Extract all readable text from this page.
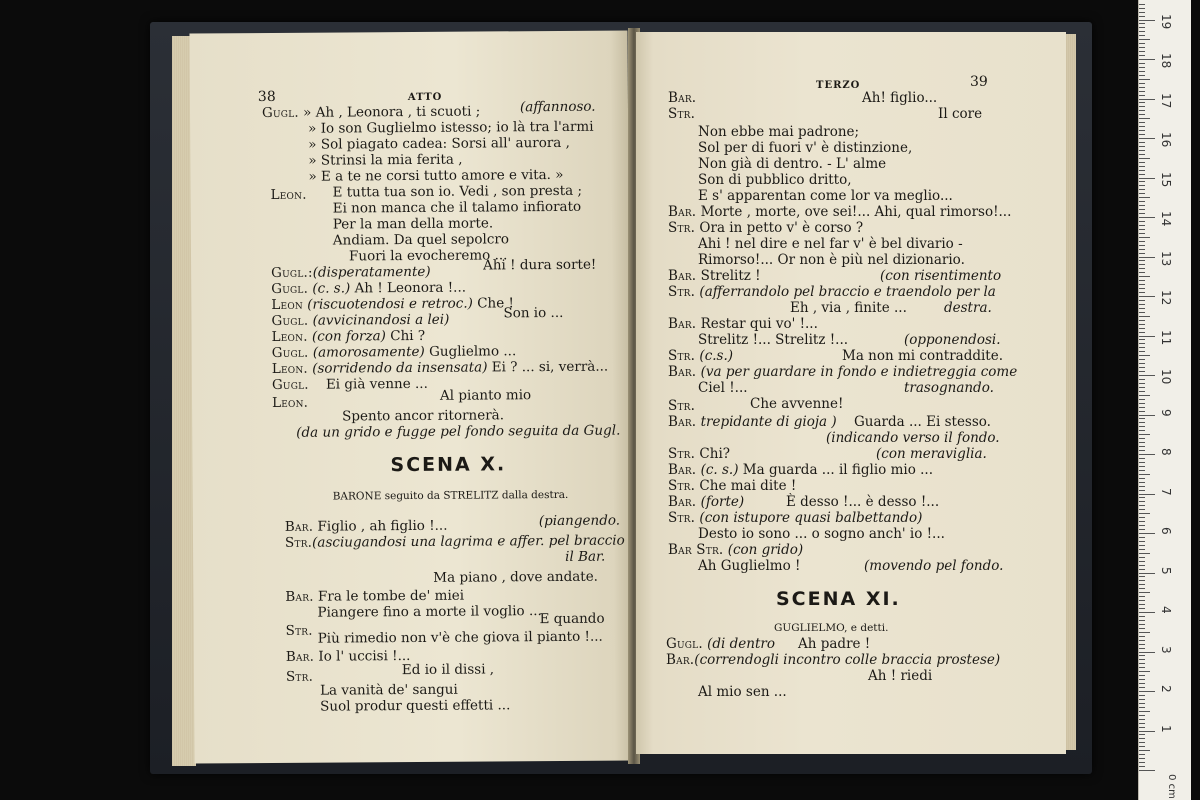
38	ATTO
Gugl. » Ah , Leonora , ti scuoti ;	(affannoso.
» Io son Guglielmo istesso; io là tra l'armi
» Sol piagato cadea: Sorsi all' aurora ,
» Strinsi la mia ferita ,
» E a te ne corsi tutto amore e vita. »
Leon. E tutta tua son io. Vedi , son presta ;
Ei non manca che il talamo infiorato
Per la man della morte.
Andiam. Da quel sepolcro
Fuori la evocheremo ...
Gugl.:(disperatamente)	Ahi ! dura sorte!
Gugl. (c. s.) Ah ! Leonora !...
Leon (riscuotendosi e retroc.) Che !
Gugl. (avvicinandosi a lei)	Son io ...
Leon. (con forza) Chi ?
Gugl. (amorosamente) Guglielmo ...
Leon. (sorridendo da insensata) Ei ? ... si, verrà...
Gugl. Ei già venne ...
Leon.	Al pianto mio
Spento ancor ritornerà.
(da un grido e fugge pel fondo seguita da Gugl.
SCENA X.
BARONE seguito da STRELITZ dalla destra.
Bar. Figlio , ah figlio !...	(piangendo.
Str.(asciugandosi una lagrima e affer. pel braccio
il Bar.
Ma piano , dove andate.
Bar. Fra le tombe de' miei
Piangere fino a morte il voglio ...
Str.
E quando
Più rimedio non v'è che giova il pianto !...
Bar. Io l' uccisi !...
Str.	Ed io il dissi ,
La vanità de' sangui
Suol produr questi effetti ...
TERZO	39
Bar.	Ah! figlio...
Str.	Il core
Non ebbe mai padrone;
Sol per di fuori v' è distinzione,
Non già di dentro. - L' alme
Son di pubblico dritto,
E s' apparentan come lor va meglio...
Bar. Morte , morte, ove sei!... Ahi, qual rimorso!...
Str. Ora in petto v' è corso ?
Ahi ! nel dire e nel far v' è bel divario -
Rimorso!... Or non è più nel dizionario.
Bar. Strelitz !	(con risentimento
Str. (afferrandolo pel braccio e traendolo per la
Eh , via , finite ...	destra.
Bar. Restar qui vo' !...
Strelitz !... Strelitz !...	(opponendosi.
Str. (c.s.)	Ma non mi contraddite.
Bar. (va per guardare in fondo e indietreggia come
Ciel !...	trasognando.
Str.	Che avvenne!
Bar. trepidante di gioja ) Guarda ... Ei stesso.
(indicando verso il fondo.
Str. Chi?	(con meraviglia.
Bar. (c. s.) Ma guarda ... il figlio mio ...
Str. Che mai dite !
Bar. (forte)	È desso !... è desso !...
Str. (con istupore quasi balbettando)
Desto io sono ... o sogno anch' io !...
Bar Str. (con grido)
Ah Guglielmo !	(movendo pel fondo.
SCENA XI.
GUGLIELMO, e detti.
Gugl. (di dentro Ah padre !
Bar.(correndogli incontro colle braccia prostese)
Ah ! riedi
Al mio sen ...
0 cm
1
2
3
4
5
6
7
8
9
10
11
12
13
14
15
16
17
18
19
